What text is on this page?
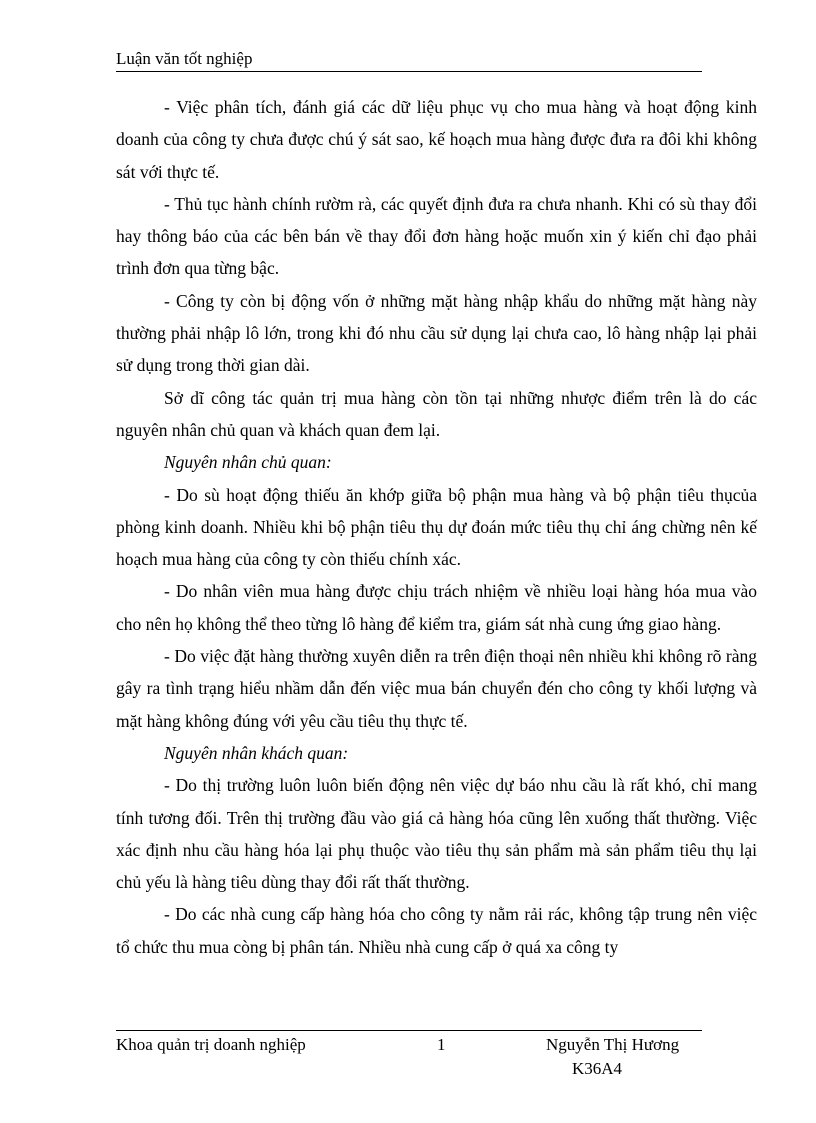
Luận văn tốt nghiệp

- Việc phân tích, đánh giá các dữ liệu phục vụ cho mua hàng và hoạt động kinh doanh của công ty chưa được chú ý sát sao, kế hoạch mua hàng được đưa ra đôi khi không sát với thực tế.

- Thủ tục hành chính rườm rà, các quyết định đưa ra chưa nhanh. Khi có sù thay đổi hay thông báo của các bên bán về thay đổi đơn hàng hoặc muốn xin ý kiến chỉ đạo phải trình đơn qua từng bậc.

- Công ty còn bị động vốn ở những mặt hàng nhập khẩu do những mặt hàng này thường phải nhập lô lớn, trong khi đó nhu cầu sử dụng lại chưa cao, lô hàng nhập lại phải sử dụng trong thời gian dài.

Sở dĩ công tác quản trị mua hàng còn tồn tại những nhược điểm trên là do các nguyên nhân chủ quan và khách quan đem lại.

Nguyên nhân chủ quan:

- Do sù hoạt động thiếu ăn khớp giữa bộ phận mua hàng và bộ phận tiêu thụcủa phòng kinh doanh. Nhiều khi bộ phận tiêu thụ dự đoán mức tiêu thụ chỉ áng chừng nên kế hoạch mua hàng của công ty còn thiếu chính xác.

- Do nhân viên mua hàng được chịu trách nhiệm về nhiều loại hàng hóa mua vào cho nên họ không thể theo từng lô hàng để kiểm tra, giám sát nhà cung ứng giao hàng.

- Do việc đặt hàng thường xuyên diễn ra trên điện thoại nên nhiều khi không rõ ràng gây ra tình trạng hiểu nhầm dẫn đến việc mua bán chuyển đén cho công ty khối lượng và mặt hàng không đúng với yêu cầu tiêu thụ thực tế.

Nguyên nhân khách quan:

- Do thị trường luôn luôn biến động nên việc dự báo nhu cầu là rất khó, chỉ mang tính tương đối. Trên thị trường đầu vào giá cả hàng hóa cũng lên xuống thất thường. Việc xác định nhu cầu hàng hóa lại phụ thuộc vào tiêu thụ sản phẩm mà sản phẩm tiêu thụ lại chủ yếu là hàng tiêu dùng thay đổi rất thất thường.

- Do các nhà cung cấp hàng hóa cho công ty nằm rải rác, không tập trung nên việc tổ chức thu mua còng bị phân tán. Nhiều nhà cung cấp ở quá xa công ty

Khoa quản trị doanh nghiệp	1	Nguyễn Thị Hương
K36A4
